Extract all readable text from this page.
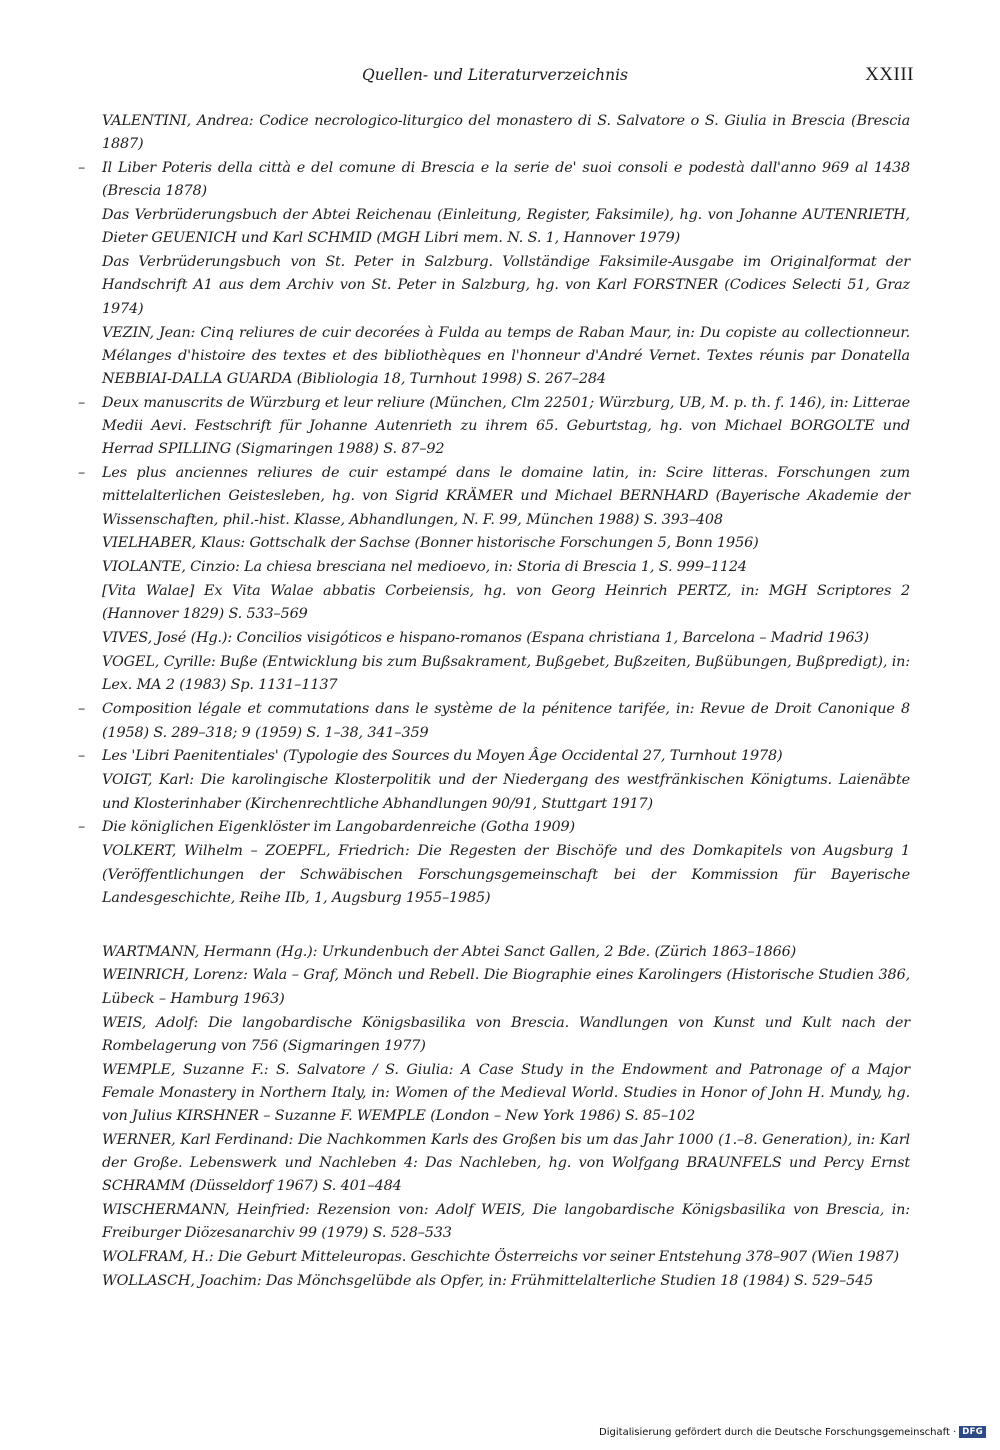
Quellen- und Literaturverzeichnis	XXIII
VALENTINI, Andrea: Codice necrologico-liturgico del monastero di S. Salvatore o S. Giulia in Brescia (Brescia 1887)
– Il Liber Poteris della città e del comune di Brescia e la serie de' suoi consoli e podestà dall'anno 969 al 1438 (Brescia 1878)
Das Verbrüderungsbuch der Abtei Reichenau (Einleitung, Register, Faksimile), hg. von Johanne AUTENRIETH, Dieter GEUENICH und Karl SCHMID (MGH Libri mem. N. S. 1, Hannover 1979)
Das Verbrüderungsbuch von St. Peter in Salzburg. Vollständige Faksimile-Ausgabe im Originalformat der Handschrift A1 aus dem Archiv von St. Peter in Salzburg, hg. von Karl FORSTNER (Codices Selecti 51, Graz 1974)
VEZIN, Jean: Cinq reliures de cuir decorées à Fulda au temps de Raban Maur, in: Du copiste au collectionneur. Mélanges d'histoire des textes et des bibliothèques en l'honneur d'André Vernet. Textes réunis par Donatella NEBBIAI-DALLA GUARDA (Bibliologia 18, Turnhout 1998) S. 267–284
– Deux manuscrits de Würzburg et leur reliure (München, Clm 22501; Würzburg, UB, M. p. th. f. 146), in: Litterae Medii Aevi. Festschrift für Johanne Autenrieth zu ihrem 65. Geburtstag, hg. von Michael BORGOLTE und Herrad SPILLING (Sigmaringen 1988) S. 87–92
– Les plus anciennes reliures de cuir estampé dans le domaine latin, in: Scire litteras. Forschungen zum mittelalterlichen Geistesleben, hg. von Sigrid KRÄMER und Michael BERNHARD (Bayerische Akademie der Wissenschaften, phil.-hist. Klasse, Abhandlungen, N. F. 99, München 1988) S. 393–408
VIELHABER, Klaus: Gottschalk der Sachse (Bonner historische Forschungen 5, Bonn 1956)
VIOLANTE, Cinzio: La chiesa bresciana nel medioevo, in: Storia di Brescia 1, S. 999–1124
[Vita Walae] Ex Vita Walae abbatis Corbeiensis, hg. von Georg Heinrich PERTZ, in: MGH Scriptores 2 (Hannover 1829) S. 533–569
VIVES, José (Hg.): Concilios visigóticos e hispano-romanos (Espana christiana 1, Barcelona – Madrid 1963)
VOGEL, Cyrille: Buße (Entwicklung bis zum Bußsakrament, Bußgebet, Bußzeiten, Bußübungen, Bußpredigt), in: Lex. MA 2 (1983) Sp. 1131–1137
– Composition légale et commutations dans le système de la pénitence tarifée, in: Revue de Droit Canonique 8 (1958) S. 289–318; 9 (1959) S. 1–38, 341–359
– Les 'Libri Paenitentiales' (Typologie des Sources du Moyen Âge Occidental 27, Turnhout 1978)
VOIGT, Karl: Die karolingische Klosterpolitik und der Niedergang des westfränkischen Königtums. Laienäbte und Klosterinhaber (Kirchenrechtliche Abhandlungen 90/91, Stuttgart 1917)
– Die königlichen Eigenklöster im Langobardenreiche (Gotha 1909)
VOLKERT, Wilhelm – ZOEPFL, Friedrich: Die Regesten der Bischöfe und des Domkapitels von Augsburg 1 (Veröffentlichungen der Schwäbischen Forschungsgemeinschaft bei der Kommission für Bayerische Landesgeschichte, Reihe IIb, 1, Augsburg 1955–1985)
WARTMANN, Hermann (Hg.): Urkundenbuch der Abtei Sanct Gallen, 2 Bde. (Zürich 1863–1866)
WEINRICH, Lorenz: Wala – Graf, Mönch und Rebell. Die Biographie eines Karolingers (Historische Studien 386, Lübeck – Hamburg 1963)
WEIS, Adolf: Die langobardische Königsbasilika von Brescia. Wandlungen von Kunst und Kult nach der Rombelagerung von 756 (Sigmaringen 1977)
WEMPLE, Suzanne F.: S. Salvatore / S. Giulia: A Case Study in the Endowment and Patronage of a Major Female Monastery in Northern Italy, in: Women of the Medieval World. Studies in Honor of John H. Mundy, hg. von Julius KIRSHNER – Suzanne F. WEMPLE (London – New York 1986) S. 85–102
WERNER, Karl Ferdinand: Die Nachkommen Karls des Großen bis um das Jahr 1000 (1.–8. Generation), in: Karl der Große. Lebenswerk und Nachleben 4: Das Nachleben, hg. von Wolfgang BRAUNFELS und Percy Ernst SCHRAMM (Düsseldorf 1967) S. 401–484
WISCHERMANN, Heinfried: Rezension von: Adolf WEIS, Die langobardische Königsbasilika von Brescia, in: Freiburger Diözesanarchiv 99 (1979) S. 528–533
WOLFRAM, H.: Die Geburt Mitteleuropas. Geschichte Österreichs vor seiner Entstehung 378–907 (Wien 1987)
WOLLASCH, Joachim: Das Mönchsgelübde als Opfer, in: Frühmittelalterliche Studien 18 (1984) S. 529–545
Digitalisierung gefördert durch die Deutsche Forschungsgemeinschaft · DFG
